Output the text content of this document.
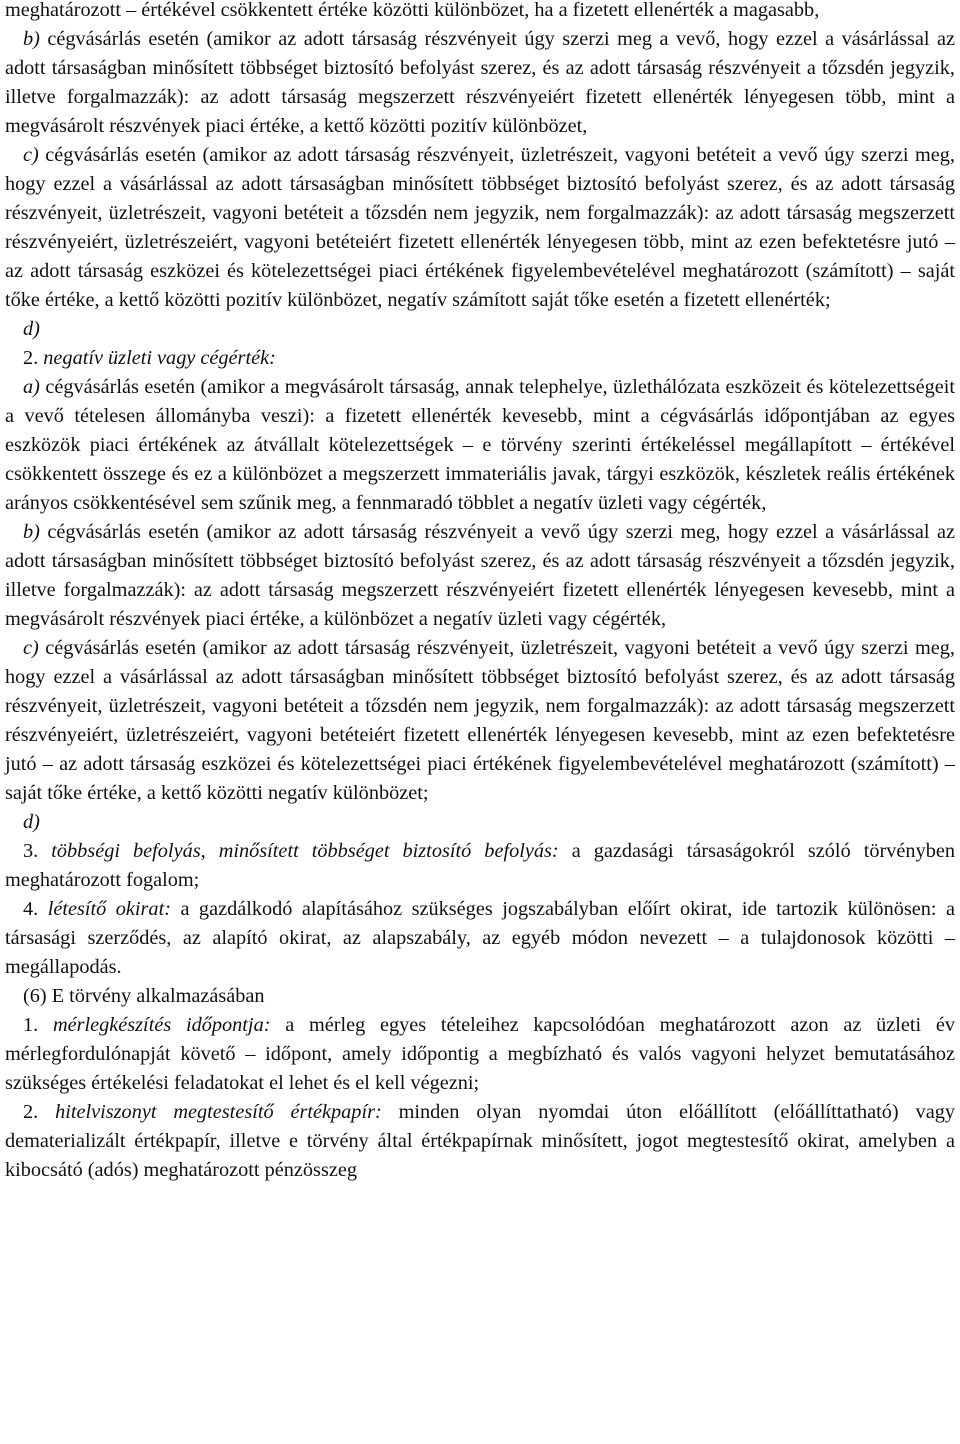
meghatározott – értékével csökkentett értéke közötti különbözet, ha a fizetett ellenérték a magasabb,

b) cégvásárlás esetén (amikor az adott társaság részvényeit úgy szerzi meg a vevő, hogy ezzel a vásárlással az adott társaságban minősített többséget biztosító befolyást szerez, és az adott társaság részvényeit a tőzsdén jegyzik, illetve forgalmazzák): az adott társaság megszerzett részvényeiért fizetett ellenérték lényegesen több, mint a megvásárolt részvények piaci értéke, a kettő közötti pozitív különbözet,

c) cégvásárlás esetén (amikor az adott társaság részvényeit, üzletrészeit, vagyoni betéteit a vevő úgy szerzi meg, hogy ezzel a vásárlással az adott társaságban minősített többséget biztosító befolyást szerez, és az adott társaság részvényeit, üzletrészeit, vagyoni betéteit a tőzsdén nem jegyzik, nem forgalmazzák): az adott társaság megszerzett részvényeiért, üzletrészeiért, vagyoni betéteiért fizetett ellenérték lényegesen több, mint az ezen befektetésre jutó – az adott társaság eszközei és kötelezettségei piaci értékének figyelembevételével meghatározott (számított) – saját tőke értéke, a kettő közötti pozitív különbözet, negatív számított saját tőke esetén a fizetett ellenérték;

d)

2. negatív üzleti vagy cégérték:

a) cégvásárlás esetén (amikor a megvásárolt társaság, annak telephelye, üzlethálózata eszközeit és kötelezettségeit a vevő tételesen állományba veszi): a fizetett ellenérték kevesebb, mint a cégvásárlás időpontjában az egyes eszközök piaci értékének az átvállalt kötelezettségek – e törvény szerinti értékeléssel megállapított – értékével csökkentett összege és ez a különbözet a megszerzett immateriális javak, tárgyi eszközök, készletek reális értékének arányos csökkentésével sem szűnik meg, a fennmaradó többlet a negatív üzleti vagy cégérték,

b) cégvásárlás esetén (amikor az adott társaság részvényeit a vevő úgy szerzi meg, hogy ezzel a vásárlással az adott társaságban minősített többséget biztosító befolyást szerez, és az adott társaság részvényeit a tőzsdén jegyzik, illetve forgalmazzák): az adott társaság megszerzett részvényeiért fizetett ellenérték lényegesen kevesebb, mint a megvásárolt részvények piaci értéke, a különbözet a negatív üzleti vagy cégérték,

c) cégvásárlás esetén (amikor az adott társaság részvényeit, üzletrészeit, vagyoni betéteit a vevő úgy szerzi meg, hogy ezzel a vásárlással az adott társaságban minősített többséget biztosító befolyást szerez, és az adott társaság részvényeit, üzletrészeit, vagyoni betéteit a tőzsdén nem jegyzik, nem forgalmazzák): az adott társaság megszerzett részvényeiért, üzletrészeiért, vagyoni betéteiért fizetett ellenérték lényegesen kevesebb, mint az ezen befektetésre jutó – az adott társaság eszközei és kötelezettségei piaci értékének figyelembevételével meghatározott (számított) – saját tőke értéke, a kettő közötti negatív különbözet;

d)

3. többségi befolyás, minősített többséget biztosító befolyás: a gazdasági társaságokról szóló törvényben meghatározott fogalom;

4. létesítő okirat: a gazdálkodó alapításához szükséges jogszabályban előírt okirat, ide tartozik különösen: a társasági szerződés, az alapító okirat, az alapszabály, az egyéb módon nevezett – a tulajdonosok közötti – megállapodás.

(6) E törvény alkalmazásában

1. mérlegkészítés időpontja: a mérleg egyes tételeihez kapcsolódóan meghatározott azon az üzleti év mérlegfordulónapját követő – időpont, amely időpontig a megbízható és valós vagyoni helyzet bemutatásához szükséges értékelési feladatokat el lehet és el kell végezni;

2. hitelviszonyt megtestesítő értékpapír: minden olyan nyomdai úton előállított (előállíttatható) vagy dematerializált értékpapír, illetve e törvény által értékpapírnak minősített, jogot megtestesítő okirat, amelyben a kibocsátó (adós) meghatározott pénzösszeg
